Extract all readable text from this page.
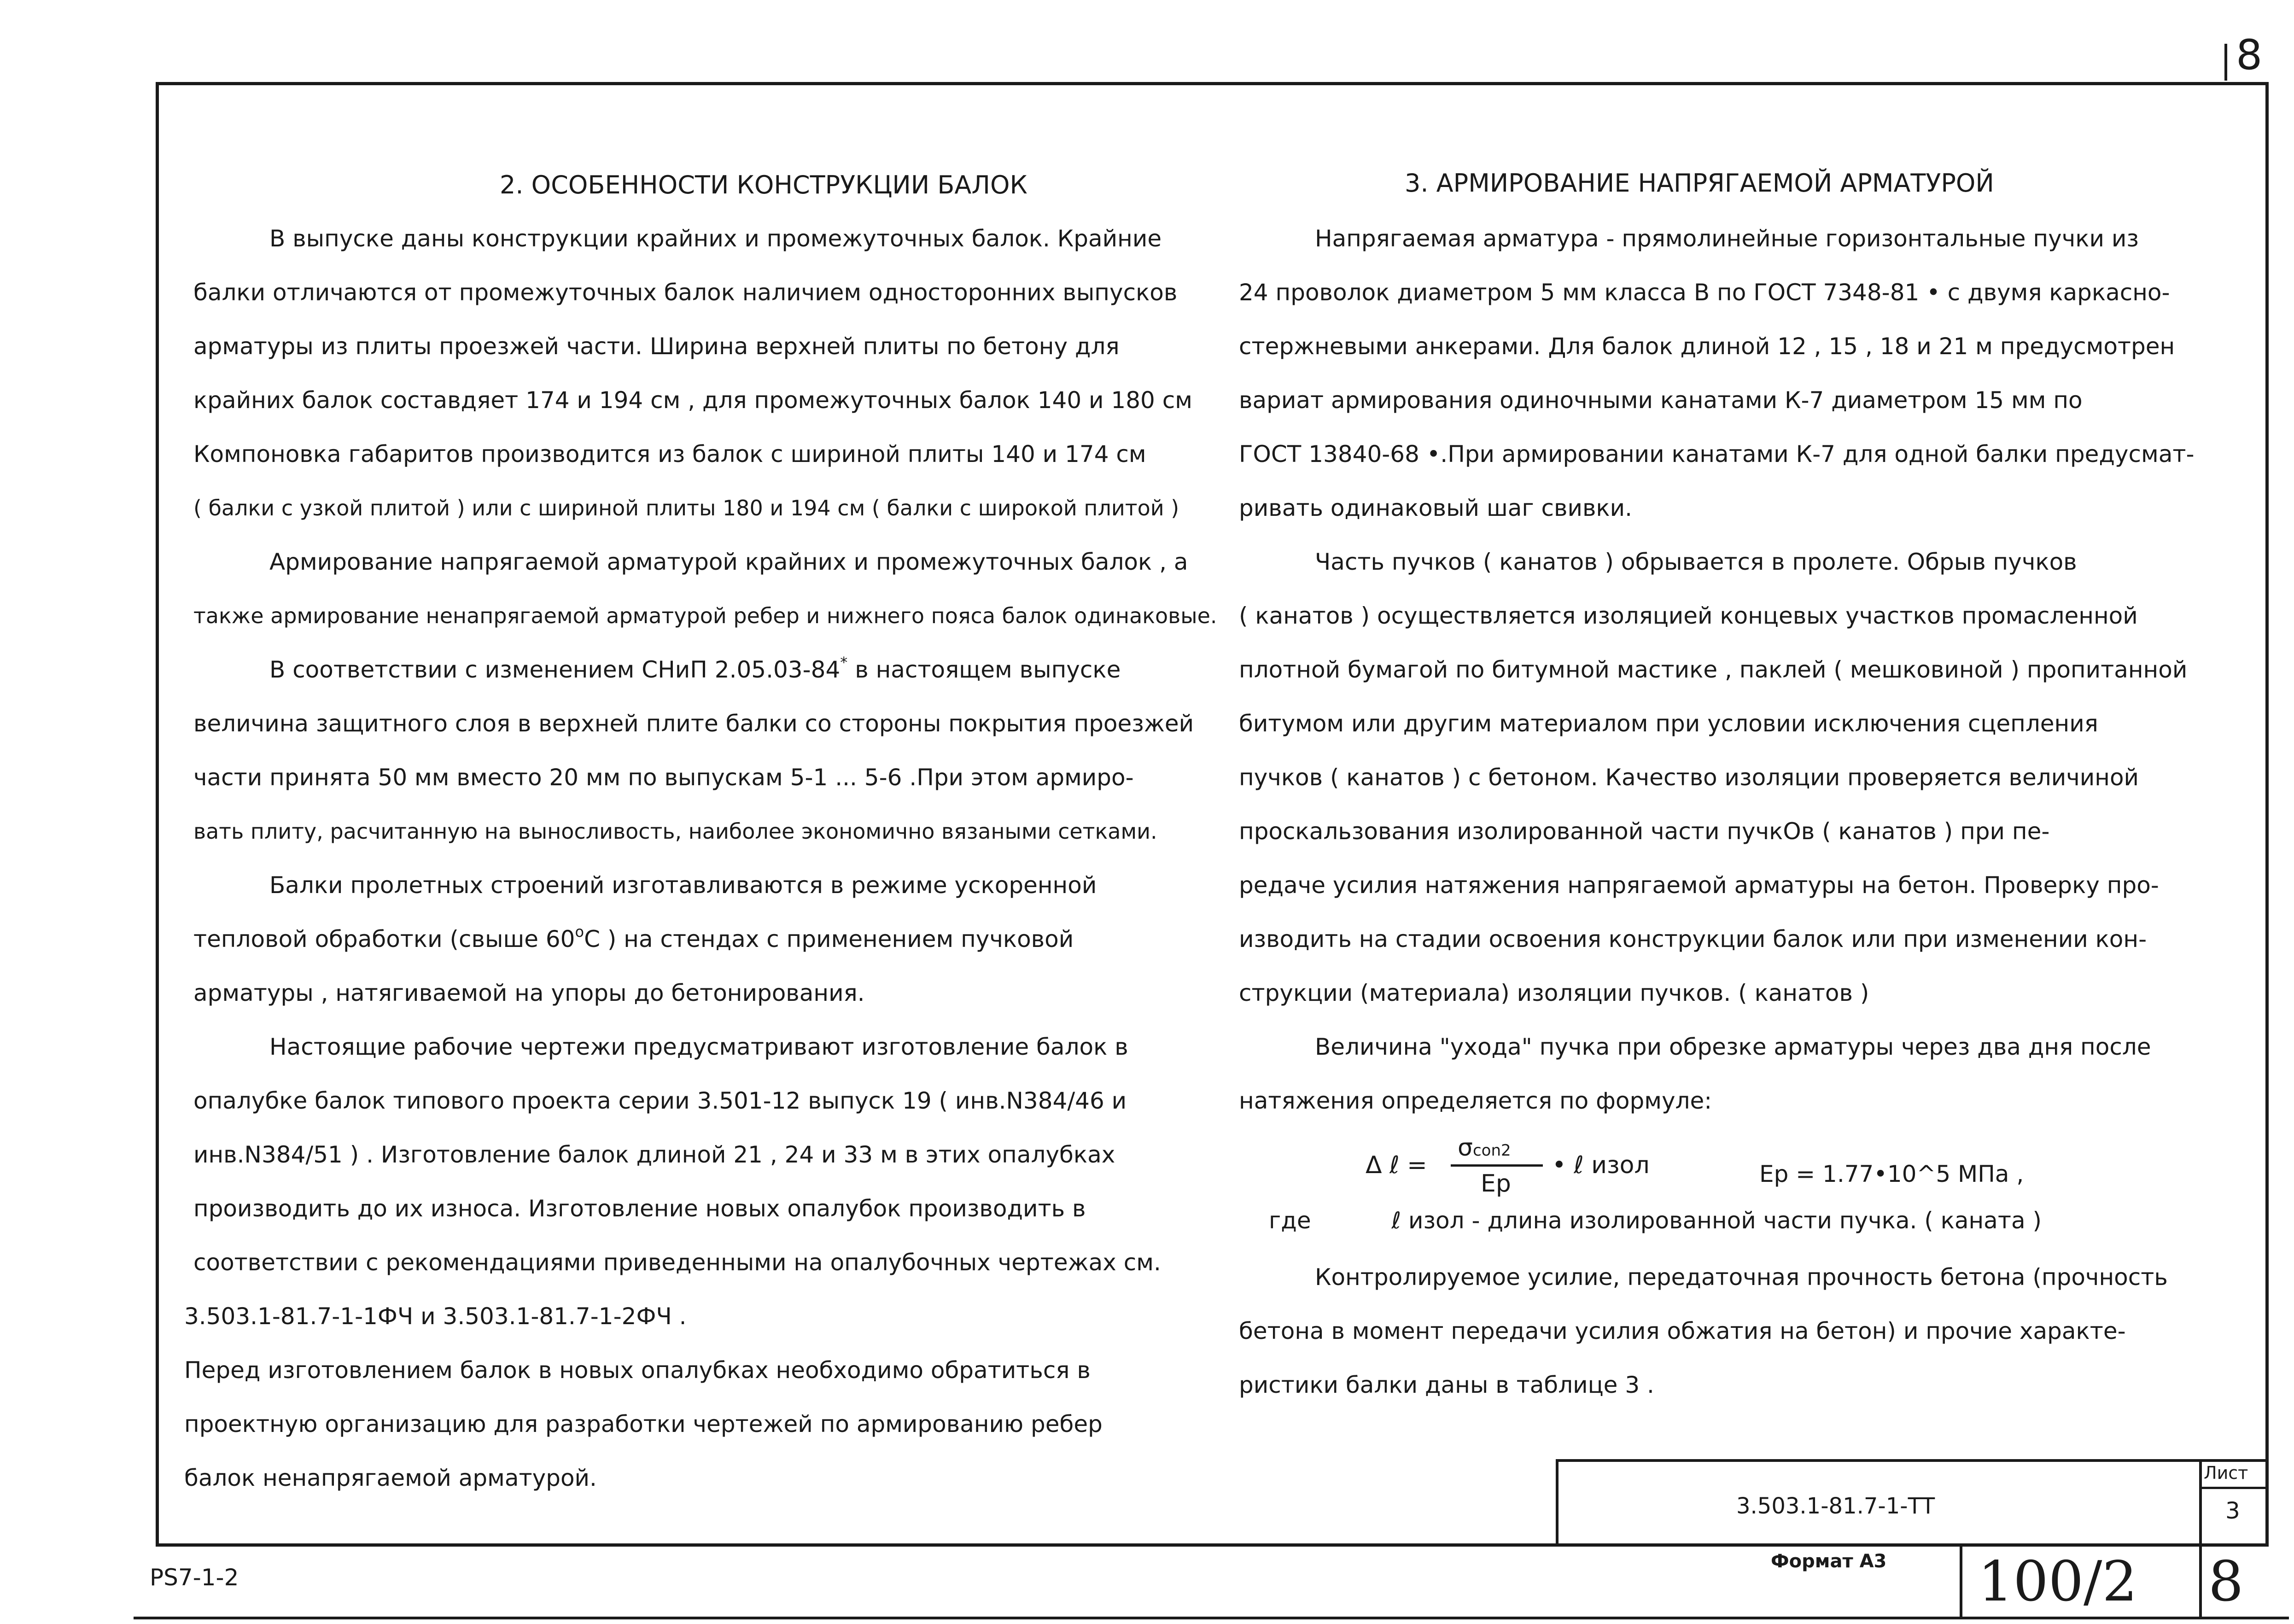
8
2. ОСОБЕННОСТИ КОНСТРУКЦИИ БАЛОК

В выпуске даны конструкции крайних и промежуточных балок. Крайние

балки отличаются от промежуточных балок наличием односторонних выпусков

арматуры из плиты проезжей части. Ширина верхней плиты по бетону для

крайних балок составдяет 174 и 194 см , для промежуточных балок 140 и 180 см

Компоновка габаритов производится из балок с шириной плиты 140 и 174 см

( балки с узкой плитой ) или с шириной плиты 180 и 194 см ( балки с широкой плитой )

Армирование напрягаемой арматурой крайних и промежуточных балок , а

также армирование ненапрягаемой арматурой ребер и нижнего пояса балок одинаковые.

В соответствии с изменением СНиП 2.05.03-84* в настоящем выпуске

величина защитного слоя в верхней плите балки со стороны покрытия проезжей

части принята 50 мм вместо 20 мм по выпускам 5-1 ... 5-6 .При этом армиро-

вать плиту, расчитанную на выносливость, наиболее экономично вязаными сетками.

Балки пролетных строений изготавливаются в режиме ускоренной

тепловой обработки (свыше $60^оС$ ) на стендах с применением пучковой

арматуры , натягиваемой на упоры до бетонирования.

Настоящие рабочие чертежи предусматривают изготовление балок в

опалубке балок типового проекта серии 3.501-12 выпуск 19 ( инв.N384/46 и

инв.N384/51 ) . Изготовление балок длиной 21 , 24 и 33 м в этих опалубках

производить до их износа. Изготовление новых опалубок производить в

соответствии с рекомендациями приведенными на опалубочных чертежах см.

3.503.1-81.7-1-1ФЧ и 3.503.1-81.7-1-2ФЧ .

Перед изготовлением балок в новых опалубках необходимо обратиться в

проектную организацию для разработки чертежей по армированию ребер

балок ненапрягаемой арматурой.

3. АРМИРОВАНИЕ НАПРЯГАЕМОЙ АРМАТУРОЙ

Напрягаемая арматура - прямолинейные горизонтальные пучки из

24 проволок диаметром 5 мм класса В по ГОСТ 7348-81 • с двумя каркасно-

стержневыми анкерами. Для балок длиной 12 , 15 , 18 и 21 м предусмотрен

вариат армирования одиночными канатами К-7 диаметром 15 мм по

ГОСТ 13840-68 •.При армировании канатами К-7 для одной балки предусмат-

ривать одинаковый шаг свивки.

Часть пучков ( канатов ) обрывается в пролете. Обрыв пучков

( канатов ) осуществляется изоляцией концевых участков промасленной

плотной бумагой по битумной мастике , паклей ( мешковиной ) пропитанной

битумом или другим материалом при условии исключения сцепления

пучков ( канатов ) с бетоном. Качество изоляции проверяется величиной

проскальзования изолированной части пучкОв ( канатов ) при пе-

редаче усилия натяжения напрягаемой арматуры на бетон. Проверку про-

изводить на стадии освоения конструкции балок или при изменении кон-

струкции (материала) изоляции пучков. ( канатов )

Величина "ухода" пучка при обрезке арматуры через два дня после

натяжения определяется по формуле:

Δ ℓ =
σcon2
Ep
• ℓ изол	Ep = 1.77•10^5 МПа ,
где           ℓ изол - длина изолированной части пучка. ( каната )

Контролируемое усилие, передаточная прочность бетона (прочность

бетона в момент передачи усилия обжатия на бетон) и прочие характе-

ристики балки даны в таблице 3 .

3.503.1-81.7-1-ТТ
Лист
3
Формат А3 100/2 8
PS7-1-2
